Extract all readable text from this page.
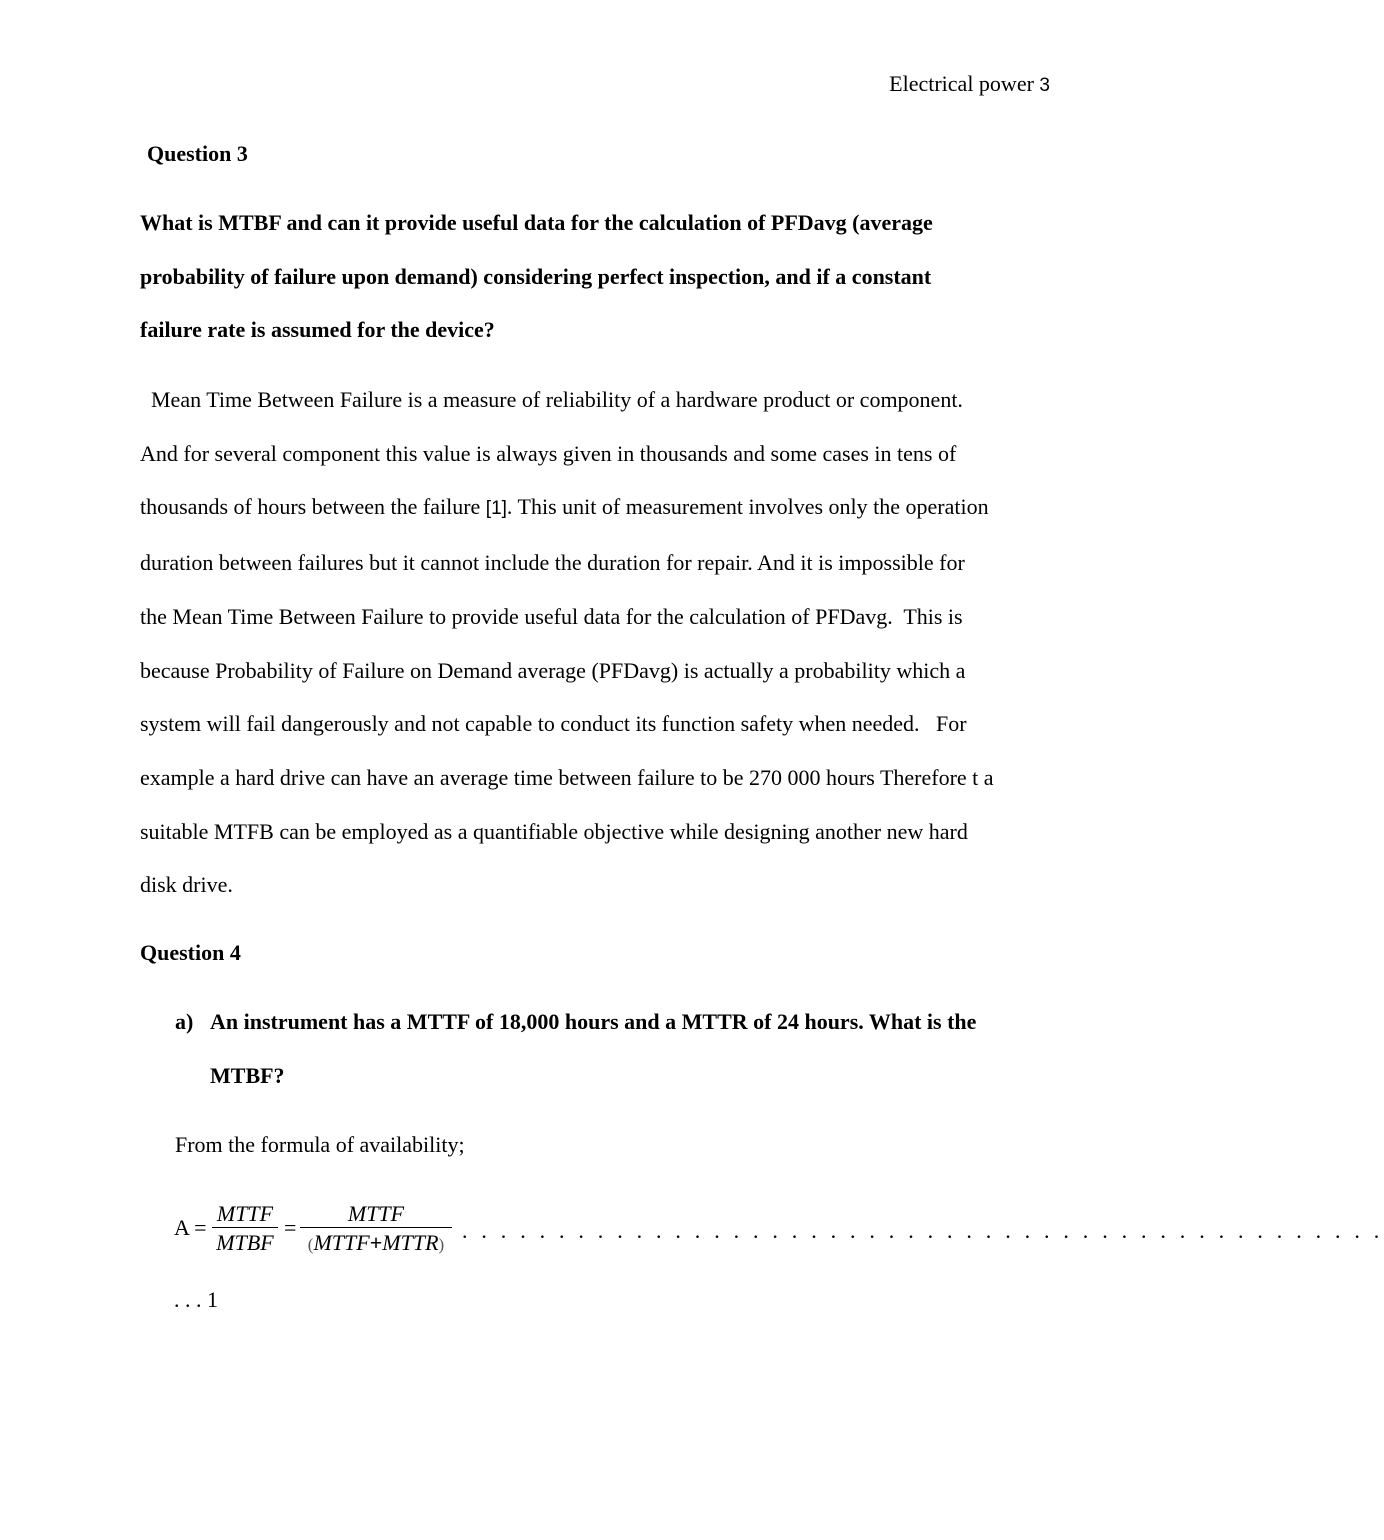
Electrical power 3
Question 3
What is MTBF and can it provide useful data for the calculation of PFDavg (average
probability of failure upon demand) considering perfect inspection, and if a constant
failure rate is assumed for the device?
Mean Time Between Failure is a measure of reliability of a hardware product or component.
And for several component this value is always given in thousands and some cases in tens of
thousands of hours between the failure [1]. This unit of measurement involves only the operation
duration between failures but it cannot include the duration for repair. And it is impossible for
the Mean Time Between Failure to provide useful data for the calculation of PFDavg.  This is
because Probability of Failure on Demand average (PFDavg) is actually a probability which a
system will fail dangerously and not capable to conduct its function safety when needed.   For
example a hard drive can have an average time between failure to be 270 000 hours Therefore t a
suitable MTFB can be employed as a quantifiable objective while designing another new hard
disk drive.
Question 4
a) An instrument has a MTTF of 18,000 hours and a MTTR of 24 hours. What is the
MTBF?
From the formula of availability;
A =
MTTF
MTBF
=
MTTF
(MTTF+MTTR)
. . . . . . . . . . . . . . . . . . . . . . . . . . . . . . . . . . . . . . . . . . . . . . . .
. . . 1
